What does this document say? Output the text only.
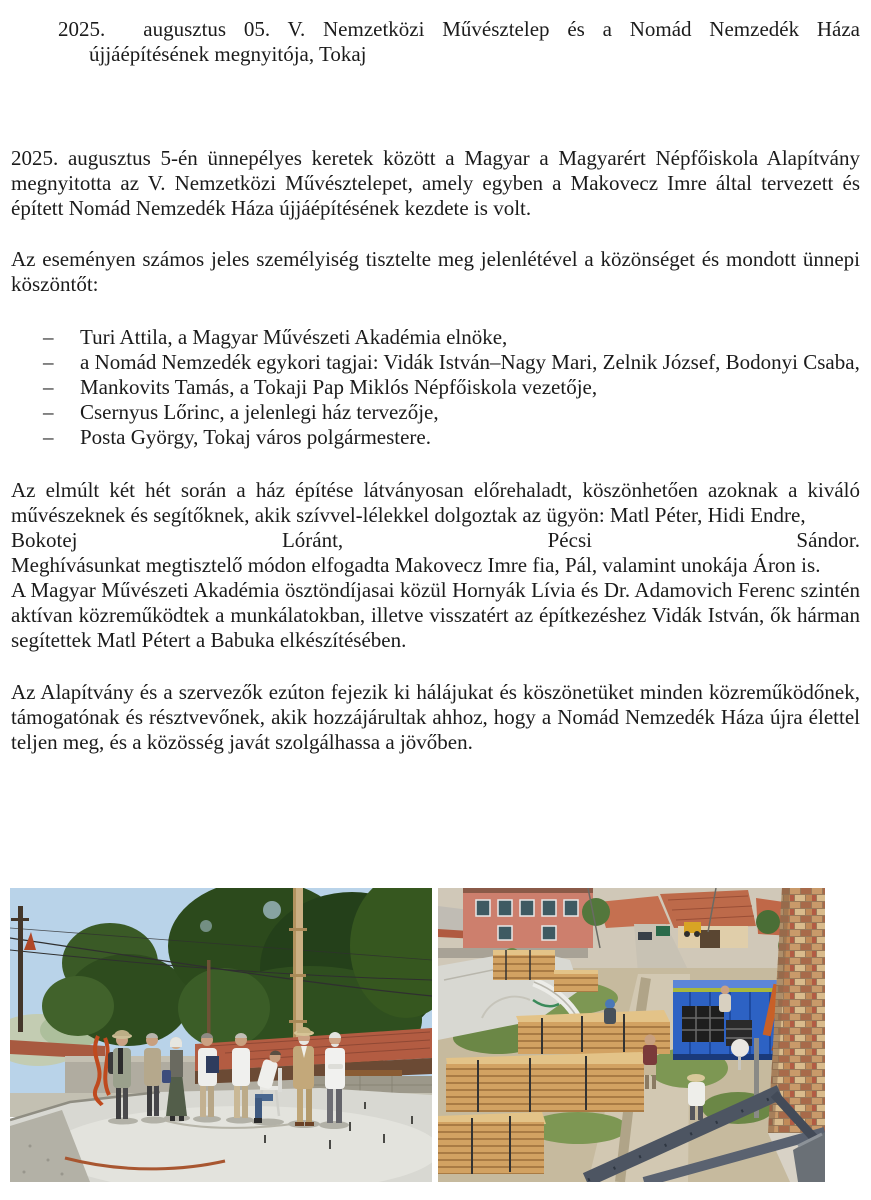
2025. augusztus 05. V. Nemzetközi Művésztelep és a Nomád Nemzedék Háza
újjáépítésének megnyitója, Tokaj
2025. augusztus 5-én ünnepélyes keretek között a Magyar a Magyarért Népfőiskola Alapítvány megnyitotta az V. Nemzetközi Művésztelepet, amely egyben a Makovecz Imre által tervezett és épített Nomád Nemzedék Háza újjáépítésének kezdete is volt.
Az eseményen számos jeles személyiség tisztelte meg jelenlétével a közönséget és mondott ünnepi köszöntőt:
–	Turi Attila, a Magyar Művészeti Akadémia elnöke,
–	a Nomád Nemzedék egykori tagjai: Vidák István–Nagy Mari, Zelnik József, Bodonyi Csaba,
–	Mankovits Tamás, a Tokaji Pap Miklós Népfőiskola vezetője,
–	Csernyus Lőrinc, a jelenlegi ház tervezője,
–	Posta György, Tokaj város polgármestere.
Az elmúlt két hét során a ház építése látványosan előrehaladt, köszönhetően azoknak a kiváló művészeknek és segítőknek, akik szívvel-lélekkel dolgoztak az ügyön: Matl Péter, Hidi Endre,
Bokotej Lóránt, Pécsi Sándor.
Meghívásunkat megtisztelő módon elfogadta Makovecz Imre fia, Pál, valamint unokája Áron is.
A Magyar Művészeti Akadémia ösztöndíjasai közül Hornyák Lívia és Dr. Adamovich Ferenc szintén aktívan közreműködtek a munkálatokban, illetve visszatért az építkezéshez Vidák István, ők hárman segítettek Matl Pétert a Babuka elkészítésében.
Az Alapítvány és a szervezők ezúton fejezik ki hálájukat és köszönetüket minden közreműködőnek, támogatónak és résztvevőnek, akik hozzájárultak ahhoz, hogy a Nomád Nemzedék Háza újra élettel teljen meg, és a közösség javát szolgálhassa a jövőben.
